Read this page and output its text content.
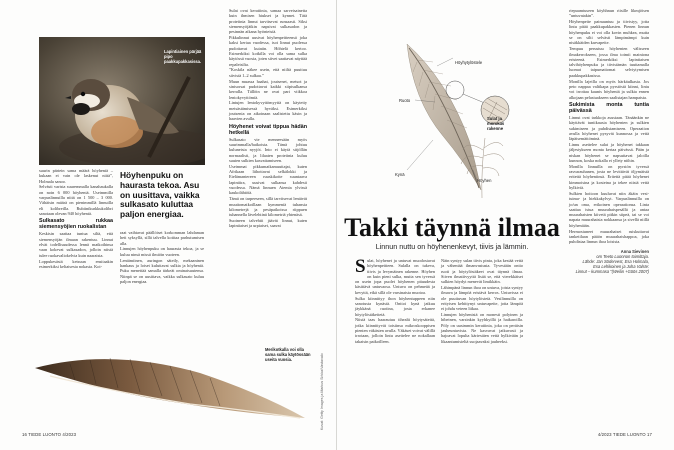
Lapintiainen pärjää pipo paakkupakkasissa.

suurin pärtein sama määrä höyheniä – kukaan ei vain ole laskenut niitä”, Holmala sanoo.

Selvästi varista suuremmalla kanahaukalla on noin 6 000 höyhentä. Useimmilla varpuslinnuilla niitä on 1 500 – 3 000. Vähäisin määrä on pienimmillä linnuilla eli kolibreilla. Rubiinikurkkukolibri sanotaan olevan 940 höyhentä.

Sulkasato rukkaa siemensyöjien ruokalistan

Keskisin saattaa tuntua siltä, että siemensyöjän ilmaan rakentuu. Linnut elvät todellisuudessa lennä matkoihinsa vaan kokevat sulkasadon, jolloin niistä tulee ruokavaliokelvia kuin naaraista.

Loppukesästä ketsuun ensitaakin esimerkiksi keltaisesta nokasta. Koi-

Höyhenpuku on haurasta tekoa. Asu on uusittava, vaikka sulkasato kuluttaa paljon energiaa.

raat vaihtavat päällöiset korkomman lahdaman heti syksyllä, sillä talvella kotitaa parhutumisen alla.

Linnujen höyhenpuku on haurasta tekoa, ja se kuluu ninsä missä ilmiöin vuoteen.

Lentämiinen, auringon säteily, mekaaninen hankaus ja loiset kuluttavat sulkia ja höyheniä. Puku menettää samalla tärkeät ominaisuutensa. Niinpä se on uusittava, vaikka sulkasato kuluu paljon energiaa.

Sulat ovat keratiinia, samaa sarveisainetta kuin ihmisen hiukset ja kynnet. Tätä proteiinia linnut tarvitsevat runsaasti. Siksi siemensyöjätkin napsivat sulkasadon ja pesinnän aikana hyönteisiä.

Pikkulinnut uusivat höyhenpeitteensä joka kaksi kertaa vuodessa, isot linnut puolessa pudottavat kuiatin. Höhtelä kertoo. Esimerkiksi kotkilla voi olla sama sulka käytössä vuosia, joten siivet saattavat näyttää repaleisilta.

”Koskila näkee usein, että niiltä puuttuu siivistä 1–2 sulkaa.”

Muun muassa haahat, joutsenet, metsot ja sinisorsat pudottavat kaikki siipisulkansa kerralla. Tällöin ne ovat pari viikkoa lentokyvyttömiä.

Lintujen lentokyvyttömyyttä on käytetty metsästämisessä hyväksi. Esimerkiksi joutsenia on aikoinaan saalistettu käsin ja haavien avulla.

Höyhenet voivat tippua hädän hetkellä

Sulkasato vie menneesään myös suurimmalla/haikoista. Tämä johtuu kuluneista nyyjöt. Into ei käytä sitjöllän normaalisti, ja lilaaten proteiinia kuluu suuien sulkien kasvattamiseen.

Useimmat pikkumatkamuuttajat, kuten Afrikaan liihottavat selkälokki ja Etelämantereen ruuskikotte suuntaava lapintiira, uusivat sulkansa kahdesti vuodessa. Nämä linnuen Aiemia ylvissä kaukolähtöiä.

Tämä on tarpeeseen, sillä tarvitsevat lentävät muuttomatkoillaan kymmeniä tuhansia kilometrejä ja pesäpaikoissa riippuen tuhannella lävelehtinä kilometriä yhtenäsä.

Suoineen talvehtii jäävät linnut, kuten lapintiaiset ja urpiaiset, saavat

Merikotkalla voi olla sama sulka käytössään useita vuosia.	Kuvat: Getty Images ja Markus Sirkka/Vastavalo
16 TIEDE LUONTO 4/2023
Höyhytylöstele
Ruoto
Sulat ja morskas rakenne
Kynä
Höyhen

riepuamtuseen köyhhnun riisille likmjöisen ”untuvatakin”.

Höyhenpeite painuuntuu ja tiivistyy, jotta lintu pitää paakkupakkasten. Pienen linnun höyhenpuku ei voi olla kovin muhkea, mutta se on silti selvästi lämpimämpi kuin nisäkkäiden karvapeite.

Tempuu perustuu höyhenten välisseen ilmakerrokseen, jossa ilma toimii mainiona eristeenä. Esimerkiksi lapintiaisen talvihöyhenpuku ja tiivistämän tuuttamalla luomat taipumattomat selviytymisen paakkupakkasissa.

Monilla lajeilla on myös härkäulkasia. Jos peto nappaa valtikapa pyrstöstä kiinni, lintu voi irrottaa kaunis höyheniä ja sulkia ennen alkojaan pelastuakseen saalistajan hampaista.

Sukimista monta tuntia päivässä

Linnut ovat tarkkoja asustaan. Tänäänkin ne käyttävät tuntikausia höyhenten ja sulkien sukimiseen ja puhdistamiseen. Operaation avulla höyhenet pysyvät kunnossa ja vettä läpäisemättöminä.

Linnu asettelee sulat ja höyhenet takkaan jäljestykseen monta kertaa päivässä. Pään ja niskan höyhenet se napsuttavat jaloilla kunnon, koska nokalla ei yllety niihin.

Monilla linnuilla on pyrstön tyvessä rasvarauhanen, josta ne levittävät öljymäistä eritettä höyheniinsä. Eritettä pitää höyhenet kimmoisina ja kosteina ja tekee niistä vettä hylkiviä.

Sulkien hoitoon kuuluvat niin äkäin vesi- tuima- ja hiekkakylvyt. Varpuslinnuilla on jo/un oma, erikoinen operaationsa. Linta saattaa istua muurahaispesällä ja antaa muurahaisten kiivetä pitkin siipeä, tai se voi napata muurahaisia nokkaansa ja sivellä niillä höyheniään.

Hermostuneet muurahaiset ruiskuttavat tanketilaan pääön muurahaishappoa, joka puhdistaa linnun ihoa loisista.

Anna Sievinen
om Teeto Luonnon toimittaja.
Lähde: Jan Södervest, Esa Holmala,
Esa Lehikoinen ja Juha Valste:
Linnut – kummasa "(Weilin +Göös 2007)
4/2023 TIEDE LUONTO 17
Takki täynnä ilmaa
Linnun nuttu on höyhenenkevyt, tiivis ja lämmin.
S ulat, höyhenet ja untuvat muodostavat höyhenpeitteen. Sulalla on tukeva, tiivis ja levymäinen rakenne. Höyhen on kuin pieni sulka, mutta sen tyvessä on usein jopa puolet höyhenen pituudesta käsittävä untuvaosa. Untuva on pehmeää ja kevyttä, eikä sillä ole varsinaista muotoa.

Sulka kiinnittyy ihon höyhentuppeen niin sanotusta kynästä. Onttoi kynä jatkuu jäykkänä ruotina, josta erkanee höytylöstäkeitetä.

Niistä taas haarautuu tihealti höytysäteitä, jotka kiinnittyvät toisiinsa mikroskooppisen pienten väkästen avulla. Väkäset voivat välillä irrotaan, jolloin lintu asettelee ne nokallaan takaisin paikoilleen.

Näin syntyy sulan tiivis pinta, joka kestää vettä ja vähentää ilmanvastusta. Tyvestään ontto ruoti ja höytylöstäkeet ovat täynnä ilmaa. Siiven ilmatiivyyttä lisää se, että vierekkäiset sulkien höydyt menevät limikkäin.

Lähimpänä linnun ihoa on untuva, joista syntyy ilmava ja lämpöä eristävä kerros. Untuvissa ei ole puuttuvan höytylöstetä. Vesilinnuilla on erityisen kehittynyt untuvapeite, jotta lämpöä ei johdu veteen liikaa.

Linnujen höyhenistä on monesti polyinen ja hibeinen, varsinkin kyyhkyillä ja haikaroilla. Pöly on uusimmin keratiinia, joka on peräisin jauheuntuvista. Ne kasvavat jatkuvasti ja hajoavat lopulta käriestäen vettä hylkivään ja likaantumisieltä suojaavaksi jauheeksi.
